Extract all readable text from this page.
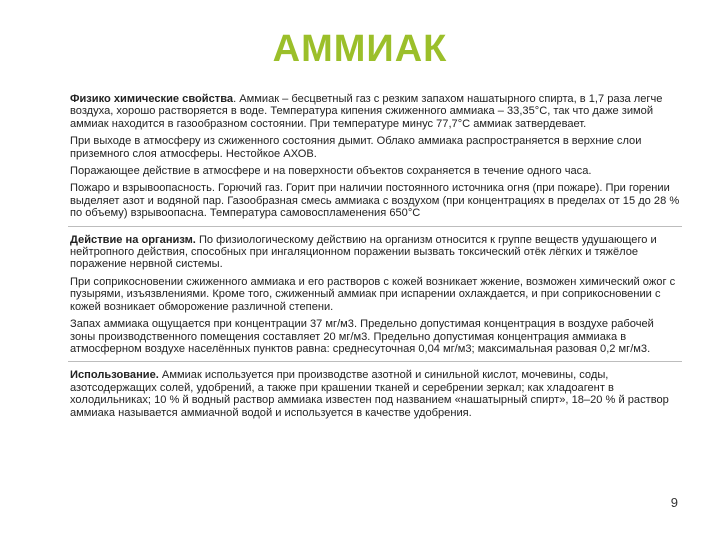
АММИАК

Физико химические свойства. Аммиак – бесцветный газ с резким запахом нашатырного спирта, в 1,7 раза легче воздуха, хорошо растворяется в воде. Температура кипения сжиженного аммиака – 33,35°С, так что даже зимой аммиак находится в газообразном состоянии. При температуре минус 77,7°С аммиак затвердевает.

При выходе в атмосферу из сжиженного состояния дымит. Облако аммиака распространяется в верхние слои приземного слоя атмосферы. Нестойкое АХОВ.

Поражающее действие в атмосфере и на поверхности объектов сохраняется в течение одного часа.

Пожаро и взрывоопасность. Горючий газ. Горит при наличии постоянного источника огня (при пожаре). При горении выделяет азот и водяной пар. Газообразная смесь аммиака с воздухом (при концентрациях в пределах от 15 до 28 % по объему) взрывоопасна. Температура самовоспламенения 650°С

Действие на организм. По физиологическому действию на организм относится к группе веществ удушающего и нейтропного действия, способных при ингаляционном поражении вызвать токсический отёк лёгких и тяжёлое поражение нервной системы.

При соприкосновении сжиженного аммиака и его растворов с кожей возникает жжение, возможен химический ожог с пузырями, изъязвлениями. Кроме того, сжиженный аммиак при испарении охлаждается, и при соприкосновении с кожей возникает обморожение различной степени.

Запах аммиака ощущается при концентрации 37 мг/м3. Предельно допустимая концентрация в воздухе рабочей зоны производственного помещения составляет 20 мг/м3. Предельно допустимая концентрация аммиака в атмосферном воздухе населённых пунктов равна: среднесуточная 0,04 мг/м3; максимальная разовая 0,2 мг/м3.

Использование. Аммиак используется при производстве азотной и синильной кислот, мочевины, соды, азотсодержащих солей, удобрений, а также при крашении тканей и серебрении зеркал; как хладоагент в холодильниках; 10 % й водный раствор аммиака известен под названием «нашатырный спирт», 18–20 % й раствор аммиака называется аммиачной водой и используется в качестве удобрения.

9
